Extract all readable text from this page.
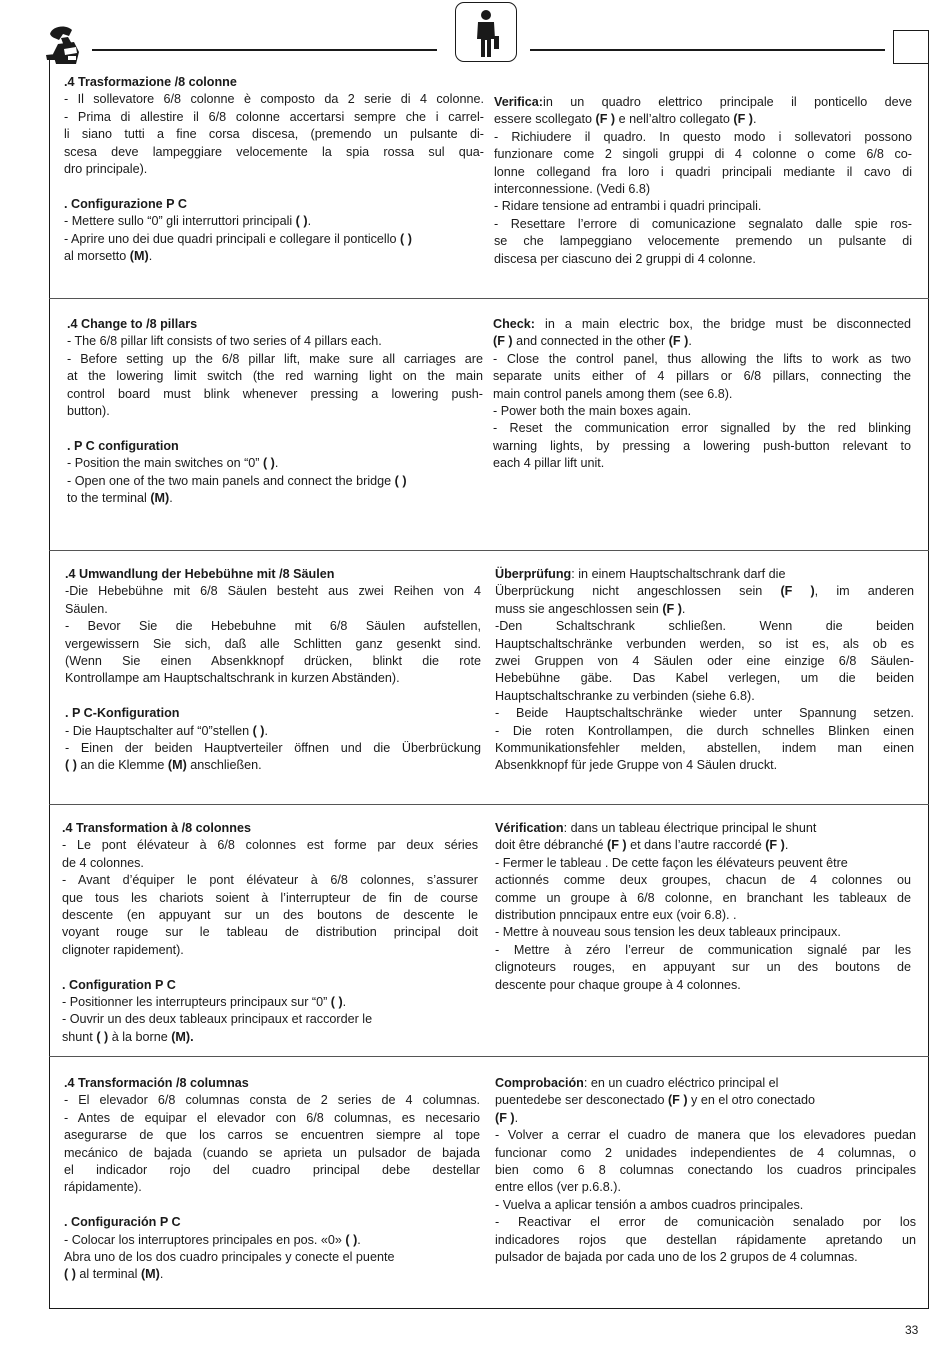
.4 Trasformazione /8 colonne
- Il sollevatore 6/8 colonne è composto da 2 serie di 4 colonne.
- Prima di allestire il 6/8 colonne accertarsi sempre che i carrel-
li siano tutti a fine corsa discesa, (premendo un pulsante di-
scesa deve lampeggiare velocemente la spia rossa sul qua-
dro principale).
. Configurazione P C
- Mettere sullo “0” gli interruttori principali ( ).
- Aprire uno dei due quadri principali e collegare il ponticello ( )
al morsetto (M).
Verifica:in un quadro elettrico principale il ponticello deve
essere scollegato (F ) e nell’altro collegato (F ).
- Richiudere il quadro. In questo modo i sollevatori possono
funzionare come 2 singoli gruppi di 4 colonne o come 6/8 co-
lonne collegand fra loro i quadri principali mediante il cavo di
interconnessione. (Vedi 6.8)
- Ridare tensione ad entrambi i quadri principali.
- Resettare l’errore di comunicazione segnalato dalle spie ros-
se che lampeggiano velocemente premendo un pulsante di
discesa per ciascuno dei 2 gruppi di 4 colonne.
.4 Change to /8 pillars
- The 6/8 pillar lift consists of two series of 4 pillars each.
- Before setting up the 6/8 pillar lift, make sure all carriages are
at the lowering limit switch (the red warning light on the main
control board must blink whenever pressing a lowering push-
button).
. P C configuration
- Position the main switches on “0” ( ).
- Open one of the two main panels and connect the bridge ( )
to the terminal (M).
Check: in a main electric box, the bridge must be disconnected
(F ) and connected in the other (F ).
- Close the control panel, thus allowing the lifts to work as two
separate units either of 4 pillars or 6/8 pillars, connecting the
main control panels among them (see 6.8).
- Power both the main boxes again.
- Reset the communication error signalled by the red blinking
warning lights, by pressing a lowering push-button relevant to
each 4 pillar lift unit.
.4 Umwandlung der Hebebühne mit /8 Säulen
-Die Hebebühne mit 6/8 Säulen besteht aus zwei Reihen von 4
Säulen.
- Bevor Sie die Hebebuhne mit 6/8 Säulen aufstellen,
vergewissern Sie sich, daß alle Schlitten ganz gesenkt sind.
(Wenn Sie einen Absenkknopf drücken, blinkt die rote
Kontrollampe am Hauptschaltschrank in kurzen Abständen).
. P C-Konfiguration
- Die Hauptschalter auf “0”stellen ( ).
- Einen der beiden Hauptverteiler öffnen und die Überbrückung
( ) an die Klemme (M) anschließen.
Überprüfung: in einem Hauptschaltschrank darf die
Überprückung nicht angeschlossen sein (F ), im anderen
muss sie angeschlossen sein (F ).
-Den Schaltschrank schließen. Wenn die beiden
Hauptschaltschränke verbunden werden, so ist es, als ob es
zwei Gruppen von 4 Säulen oder eine einzige 6/8 Säulen-
Hebebühne gäbe. Das Kabel verlegen, um die beiden
Hauptschaltschranke zu verbinden (siehe 6.8).
- Beide Hauptschaltschränke wieder unter Spannung setzen.
- Die roten Kontrollampen, die durch schnelles Blinken einen
Kommunikationsfehler melden, abstellen, indem man einen
Absenkknopf für jede Gruppe von 4 Säulen druckt.
.4 Transformation à /8 colonnes
- Le pont élévateur à 6/8 colonnes est forme par deux séries
de 4 colonnes.
- Avant d’équiper le pont élévateur à 6/8 colonnes, s’assurer
que tous les chariots soient à l’interrupteur de fin de course
descente (en appuyant sur un des boutons de descente le
voyant rouge sur le tableau de distribution principal doit
clignoter rapidement).
. Configuration P C
- Positionner les interrupteurs principaux sur “0” ( ).
- Ouvrir un des deux tableaux principaux et raccorder le
shunt ( ) à la borne (M).
Vérification: dans un tableau électrique principal le shunt
doit être débranché (F ) et dans l’autre raccordé (F ).
- Fermer le tableau . De cette façon les élévateurs peuvent être
actionnés comme deux groupes, chacun de 4 colonnes ou
comme un groupe à 6/8 colonne, en branchant les tableaux de
distribution pnncipaux entre eux (voir 6.8). .
- Mettre à nouveau sous tension les deux tableaux principaux.
- Mettre à zéro l’erreur de communication signalé par les
clignoteurs rouges, en appuyant sur un des boutons de
descente pour chaque groupe à 4 colonnes.
.4 Transformación /8 columnas
- El elevador 6/8 columnas consta de 2 series de 4 columnas.
- Antes de equipar el elevador con 6/8 columnas, es necesario
asegurarse de que los carros se encuentren siempre al tope
mecánico de bajada (cuando se aprieta un pulsador de bajada
el indicador rojo del cuadro principal debe destellar
rápidamente).
. Configuración P C
- Colocar los interruptores principales en pos. «0» ( ).
Abra uno de los dos cuadro principales y conecte el puente
( ) al terminal (M).
Comprobación: en un cuadro eléctrico principal el
puentedebe ser desconectado (F ) y en el otro conectado
(F ).
- Volver a cerrar el cuadro de manera que los elevadores puedan
funcionar como 2 unidades independientes de 4 columnas, o
bien como 6 8 columnas conectando los cuadros principales
entre ellos (ver p.6.8.).
- Vuelva a aplicar tensión a ambos cuadros principales.
- Reactivar el error de comunicaciòn senalado por los
indicadores rojos que destellan rápidamente apretando un
pulsador de bajada por cada uno de los 2 grupos de 4 columnas.
33
